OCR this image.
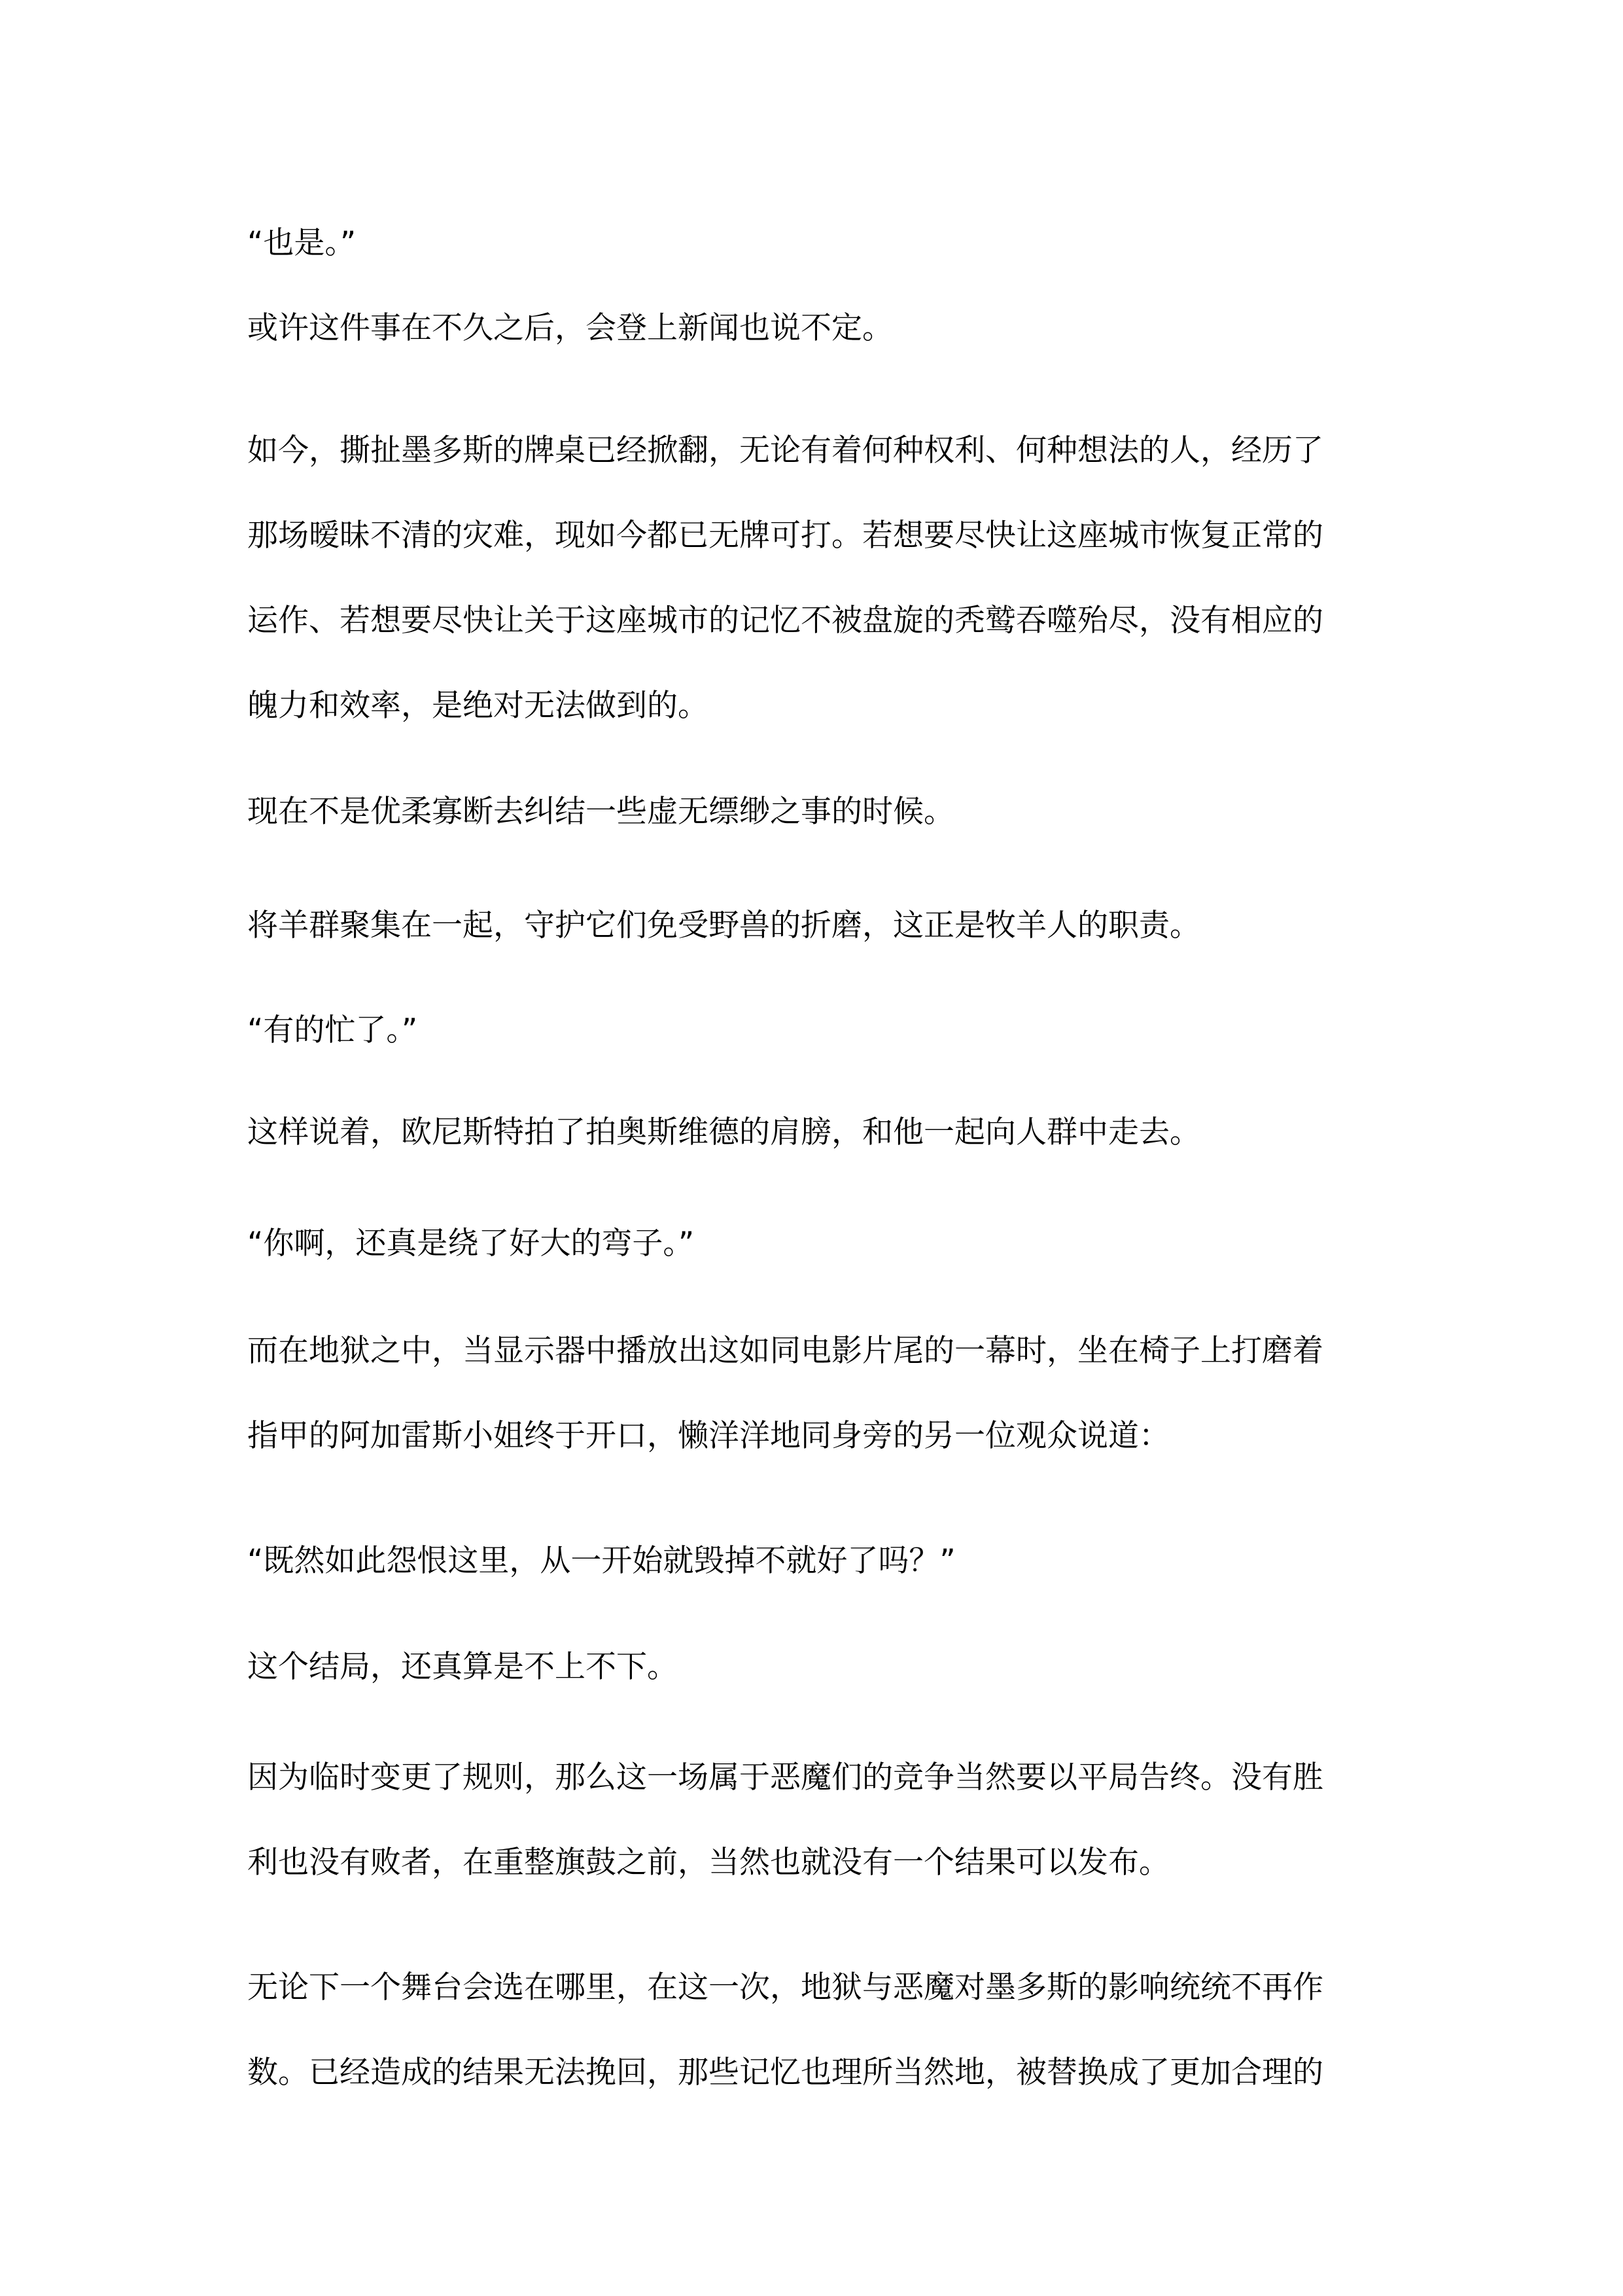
“也是。”

或许这件事在不久之后，会登上新闻也说不定。

如今，撕扯墨多斯的牌桌已经掀翻，无论有着何种权利、何种想法的人，经历了
那场暧昧不清的灾难，现如今都已无牌可打。若想要尽快让这座城市恢复正常的
运作、若想要尽快让关于这座城市的记忆不被盘旋的秃鹫吞噬殆尽，没有相应的
魄力和效率，是绝对无法做到的。

现在不是优柔寡断去纠结一些虚无缥缈之事的时候。

将羊群聚集在一起，守护它们免受野兽的折磨，这正是牧羊人的职责。

“有的忙了。”

这样说着，欧尼斯特拍了拍奥斯维德的肩膀，和他一起向人群中走去。

“你啊，还真是绕了好大的弯子。”

而在地狱之中，当显示器中播放出这如同电影片尾的一幕时，坐在椅子上打磨着
指甲的阿加雷斯小姐终于开口，懒洋洋地同身旁的另一位观众说道：

“既然如此怨恨这里，从一开始就毁掉不就好了吗？”

这个结局，还真算是不上不下。

因为临时变更了规则，那么这一场属于恶魔们的竞争当然要以平局告终。没有胜
利也没有败者，在重整旗鼓之前，当然也就没有一个结果可以发布。

无论下一个舞台会选在哪里，在这一次，地狱与恶魔对墨多斯的影响统统不再作
数。已经造成的结果无法挽回，那些记忆也理所当然地，被替换成了更加合理的
